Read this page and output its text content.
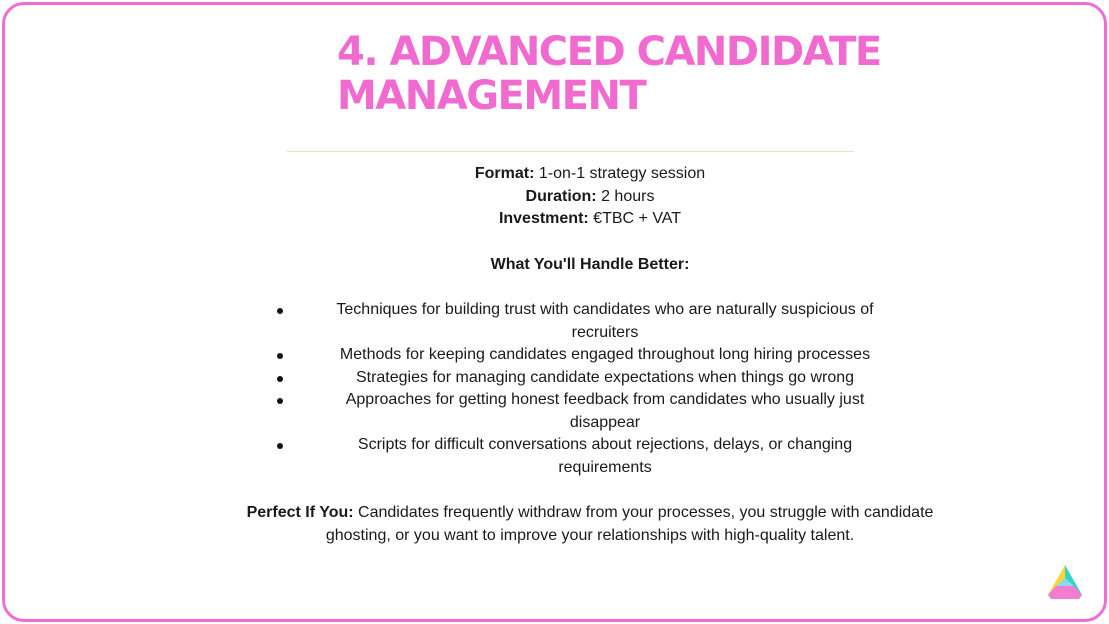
4. ADVANCED CANDIDATE
MANAGEMENT
Format: 1-on-1 strategy session
Duration: 2 hours
Investment: €TBC + VAT
What You'll Handle Better:
Techniques for building trust with candidates who are naturally suspicious of recruiters
Methods for keeping candidates engaged throughout long hiring processes
Strategies for managing candidate expectations when things go wrong
Approaches for getting honest feedback from candidates who usually just disappear
Scripts for difficult conversations about rejections, delays, or changing requirements

Perfect If You: Candidates frequently withdraw from your processes, you struggle with candidate ghosting, or you want to improve your relationships with high-quality talent.
